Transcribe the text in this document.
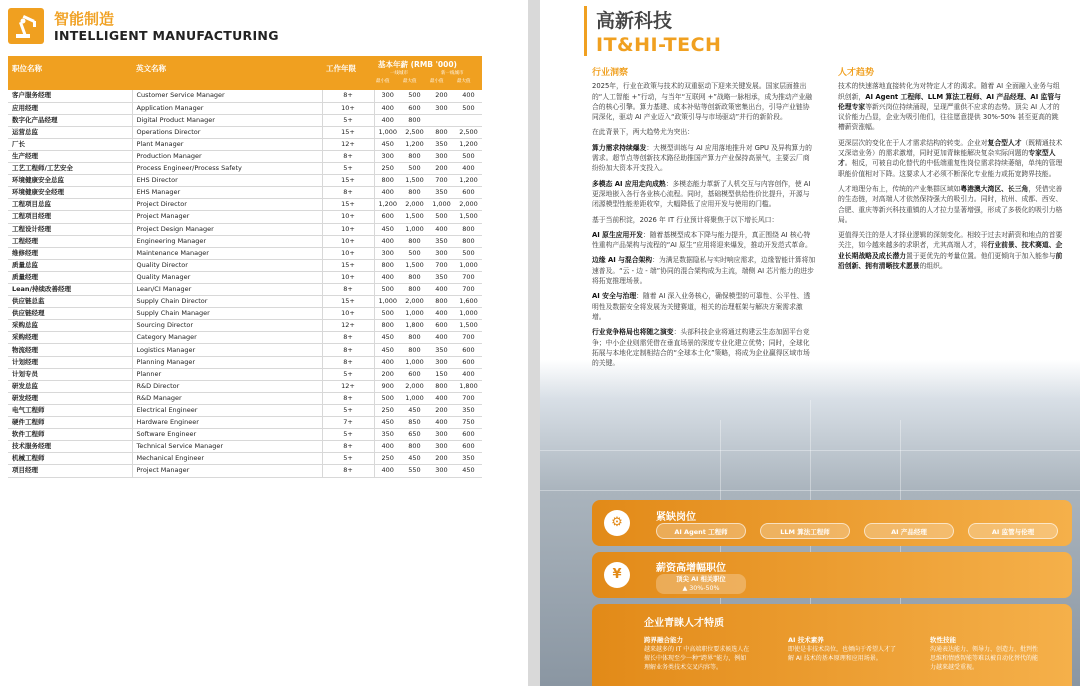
智能制造
INTELLIGENT MANUFACTURING
职位名称	英文名称	工作年限	基本年薪 (RMB '000)
一线城市	新一线城市
最小值	最大值	最小值	最大值
客户服务经理	Customer Service Manager	8+	300	500	200	400
应用经理	Application Manager	10+	400	600	300	500
数字化产品经理	Digital Product Manager	5+	400	800		
运营总监	Operations Director	15+	1,000	2,500	800	2,500
厂长	Plant Manager	12+	450	1,200	350	1,200
生产经理	Production Manager	8+	300	800	300	500
工艺工程师/工艺安全	Process Engineer/Process Safety	5+	250	500	200	400
环境健康安全总监	EHS Director	15+	800	1,500	700	1,200
环境健康安全经理	EHS Manager	8+	400	800	350	600
工程项目总监	Project Director	15+	1,200	2,000	1,000	2,000
工程项目经理	Project Manager	10+	600	1,500	500	1,500
工程设计经理	Project Design Manager	10+	450	1,000	400	800
工程经理	Engineering Manager	10+	400	800	350	800
维修经理	Maintenance Manager	10+	300	500	300	500
质量总监	Quality Director	15+	800	1,500	700	1,000
质量经理	Quality Manager	10+	400	800	350	700
Lean/持续改善经理	Lean/CI Manager	8+	500	800	400	700
供应链总监	Supply Chain Director	15+	1,000	2,000	800	1,600
供应链经理	Supply Chain Manager	10+	500	1,000	400	1,000
采购总监	Sourcing Director	12+	800	1,800	600	1,500
采购经理	Category Manager	8+	450	800	400	700
物流经理	Logistics Manager	8+	450	800	350	600
计划经理	Planning Manager	8+	400	1,000	300	600
计划专员	Planner	5+	200	600	150	400
研发总监	R&D Director	12+	900	2,000	800	1,800
研发经理	R&D Manager	8+	500	1,000	400	700
电气工程师	Electrical Engineer	5+	250	450	200	350
硬件工程师	Hardware Engineer	7+	450	850	400	750
软件工程师	Software Engineer	5+	350	650	300	600
技术服务经理	Technical Service Manager	8+	400	800	300	600
机械工程师	Mechanical Engineer	5+	250	450	200	350
项目经理	Project Manager	8+	400	550	300	450
高新科技
IT&HI-TECH
行业洞察

2025年，行业在政策与技术的双重驱动下迎来关键发展。国家层面推出的“人工智能 +”行动，与当年“互联网 +”战略一脉相承，成为推动产业融合的核心引擎。算力基建、成本补贴等创新政策密集出台，引导产业链协同深化，驱动 AI 产业迈入“政策引导与市场驱动”并行的新阶段。

在此背景下，两大趋势尤为突出：

算力需求持续爆发：大模型训练与 AI 应用落地推升对 GPU 及异构算力的需求。超节点等创新技术路径助推国产算力产业保持高景气，主要云厂商纷纷加大资本开支投入。

多模态 AI 应用走向成熟：多模态能力革新了人机交互与内容创作，使 AI 更深地嵌入各行各业核心流程。同时，基础模型供给性价比提升，开源与闭源模型性能差距收窄，大幅降低了应用开发与使用的门槛。

基于当前积淀，2026 年 IT 行业预计将聚焦于以下增长风口：

AI 原生应用开发：随着基模型成本下降与能力提升，真正围绕 AI 核心特性重构产品架构与流程的“AI 原生”应用将迎来爆发，推动开发范式革命。

边缘 AI 与混合架构：为满足数据隐私与实时响应需求，边缘智能计算将加速普及。“云 - 边 - 端”协同的混合架构成为主流，端侧 AI 芯片能力的进步将拓宽推理场景。

AI 安全与治理：随着 AI 深入业务核心，确保模型的可靠性、公平性、透明性及数据安全将发展为关键赛道，相关的治理框架与解决方案需求激增。

行业竞争格局也将随之演变：头部科技企业将通过构建云生态加固平台竞争；中小企业则需凭借在垂直场景的深度专业化建立优势；同时，全球化拓展与本地化定制相结合的“全球本土化”策略，将成为企业赢得区域市场的关键。

人才趋势

技术的快速落地直接转化为对特定人才的渴求。随着 AI 全面融入业务与组织创新，AI Agent 工程师、LLM 算法工程师、AI 产品经理、AI 监管与伦理专家等新兴岗位持续涌现，呈现严重供不应求的态势。顶尖 AI 人才的议价能力凸显，企业为吸引他们，往往愿意提供 30%-50% 甚至更高的跳槽薪资涨幅。

更深层次的变化在于人才需求结构的转变。企业对复合型人才（既精通技术又深谙业务）的需求激增，同时更加青睐能解决复杂实际问题的专家型人才。相反，可被自动化替代的中低端重复性岗位需求持续萎缩，单纯的管理职能价值相对下降。这要求人才必须不断深化专业能力或拓宽跨界技能。

人才地理分布上，传统的产业集群区域如粤港澳大湾区、长三角，凭借完善的生态链，对高端人才依然保持强大的吸引力。同时，杭州、成都、西安、合肥、重庆等新兴科技重镇的人才拉力显著增强，形成了多极化的吸引力格局。

更值得关注的是人才择业逻辑的深刻变化。相较于过去对薪资和地点的首要关注，如今越来越多的求职者，尤其高端人才，将行业前景、技术赛道、企业长期战略及成长潜力置于更优先的考量位置。他们更倾向于加入能参与前沿创新、拥有清晰技术愿景的组织。

⚙	紧缺岗位
AI Agent 工程师	LLM 算法工程师	AI 产品经理	AI 监管与伦理
¥	薪资高增幅职位
顶尖 AI 相关职位
▲ 30%-50%
企业青睐人才特质
跨界融合能力
越来越多的 IT 中高端职位要求候选人在擅长中体现至少一种“跨界”能力，例如理解业务类技术交叉内容等。
AI 技术素养
即使是非技术岗位，也倾向于希望人才了解 AI 技术的基本原理和应用场景。
软性技能
沟通表达能力、领导力、创造力、批判性思维和情感智能等难以被自动化替代的能力越来越受重视。
